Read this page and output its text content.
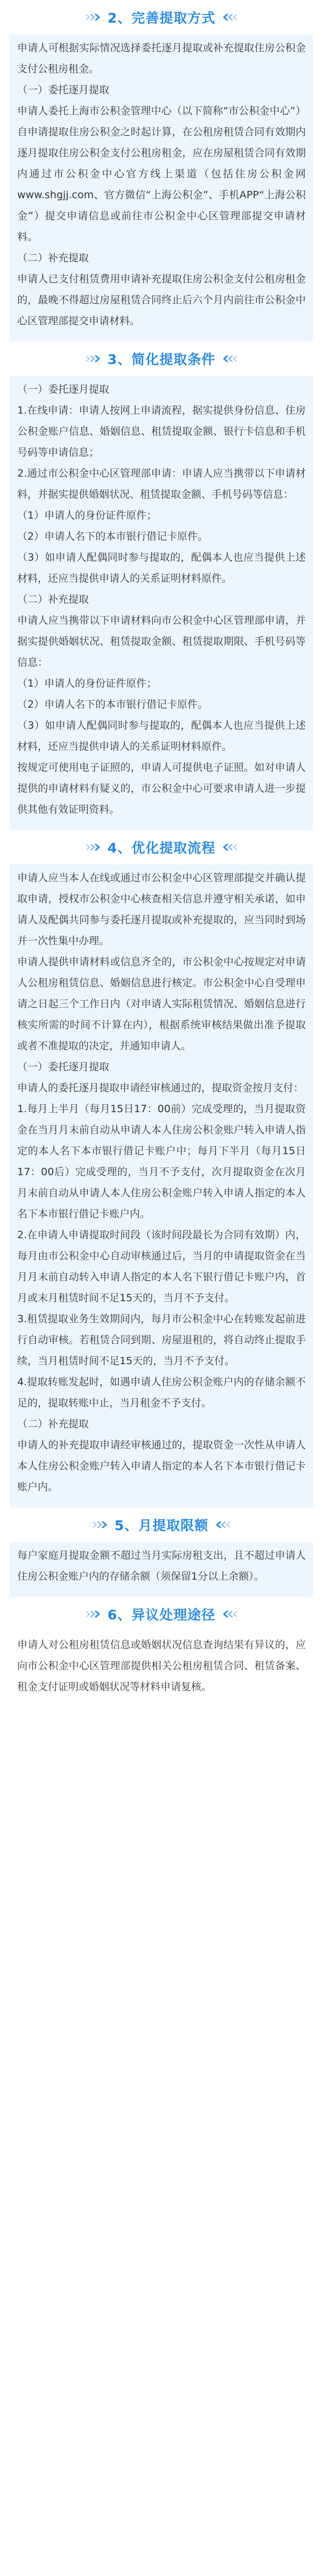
2、完善提取方式

申请人可根据实际情况选择委托逐月提取或补充提取住房公积金支付公租房租金。

（一）委托逐月提取

申请人委托上海市公积金管理中心（以下简称“市公积金中心”）自申请提取住房公积金之时起计算，在公租房租赁合同有效期内逐月提取住房公积金支付公租房租金，应在房屋租赁合同有效期内通过市公积金中心官方线上渠道（包括住房公积金网www.shgjj.com、官方微信“上海公积金”、手机APP“上海公积金”）提交申请信息或前往市公积金中心区管理部提交申请材料。

（二）补充提取

申请人已支付租赁费用申请补充提取住房公积金支付公租房租金的，最晚不得超过房屋租赁合同终止后六个月内前往市公积金中心区管理部提交申请材料。

3、简化提取条件

（一）委托逐月提取

1.在线申请：申请人按网上申请流程，据实提供身份信息、住房公积金账户信息、婚姻信息、租赁提取金额、银行卡信息和手机号码等申请信息；

2.通过市公积金中心区管理部申请：申请人应当携带以下申请材料，并据实提供婚姻状况、租赁提取金额、手机号码等信息：

（1）申请人的身份证件原件；

（2）申请人名下的本市银行借记卡原件。

（3）如申请人配偶同时参与提取的，配偶本人也应当提供上述材料，还应当提供申请人的关系证明材料原件。

（二）补充提取

申请人应当携带以下申请材料向市公积金中心区管理部申请，并据实提供婚姻状况、租赁提取金额、租赁提取期限、手机号码等信息：

（1）申请人的身份证件原件；

（2）申请人名下的本市银行借记卡原件。

（3）如申请人配偶同时参与提取的，配偶本人也应当提供上述材料，还应当提供申请人的关系证明材料原件。

按规定可使用电子证照的，申请人可提供电子证照。如对申请人提供的申请材料有疑义的，市公积金中心可要求申请人进一步提供其他有效证明资料。

4、优化提取流程

申请人应当本人在线或通过市公积金中心区管理部提交并确认提取申请，授权市公积金中心核查相关信息并遵守相关承诺，如申请人及配偶共同参与委托逐月提取或补充提取的，应当同时到场并一次性集中办理。

申请人提供申请材料或信息齐全的，市公积金中心按规定对申请人公租房租赁信息、婚姻信息进行核定。市公积金中心自受理申请之日起三个工作日内（对申请人实际租赁情况、婚姻信息进行核实所需的时间不计算在内），根据系统审核结果做出准予提取或者不准提取的决定，并通知申请人。

（一）委托逐月提取

申请人的委托逐月提取申请经审核通过的，提取资金按月支付：

1.每月上半月（每月15日17：00前）完成受理的，当月提取资金在当月月末前自动从申请人本人住房公积金账户转入申请人指定的本人名下本市银行借记卡账户中；每月下半月（每月15日17：00后）完成受理的，当月不予支付，次月提取资金在次月月末前自动从申请人本人住房公积金账户转入申请人指定的本人名下本市银行借记卡账户内。

2.在申请人申请提取时间段（该时间段最长为合同有效期）内，每月由市公积金中心自动审核通过后，当月的申请提取资金在当月月末前自动转入申请人指定的本人名下银行借记卡账户内，首月或末月租赁时间不足15天的，当月不予支付。

3.租赁提取业务生效期间内，每月市公积金中心在转账发起前进行自动审核。若租赁合同到期、房屋退租的，将自动终止提取手续，当月租赁时间不足15天的，当月不予支付。

4.提取转账发起时，如遇申请人住房公积金账户内的存储余额不足的，提取转账中止，当月租金不予支付。

（二）补充提取

申请人的补充提取申请经审核通过的，提取资金一次性从申请人本人住房公积金账户转入申请人指定的本人名下本市银行借记卡账户内。

5、月提取限额

每户家庭月提取金额不超过当月实际房租支出，且不超过申请人住房公积金账户内的存储余额（须保留1分以上余额）。

6、异议处理途径

申请人对公租房租赁信息或婚姻状况信息查询结果有异议的，应向市公积金中心区管理部提供相关公租房租赁合同、租赁备案、租金支付证明或婚姻状况等材料申请复核。
